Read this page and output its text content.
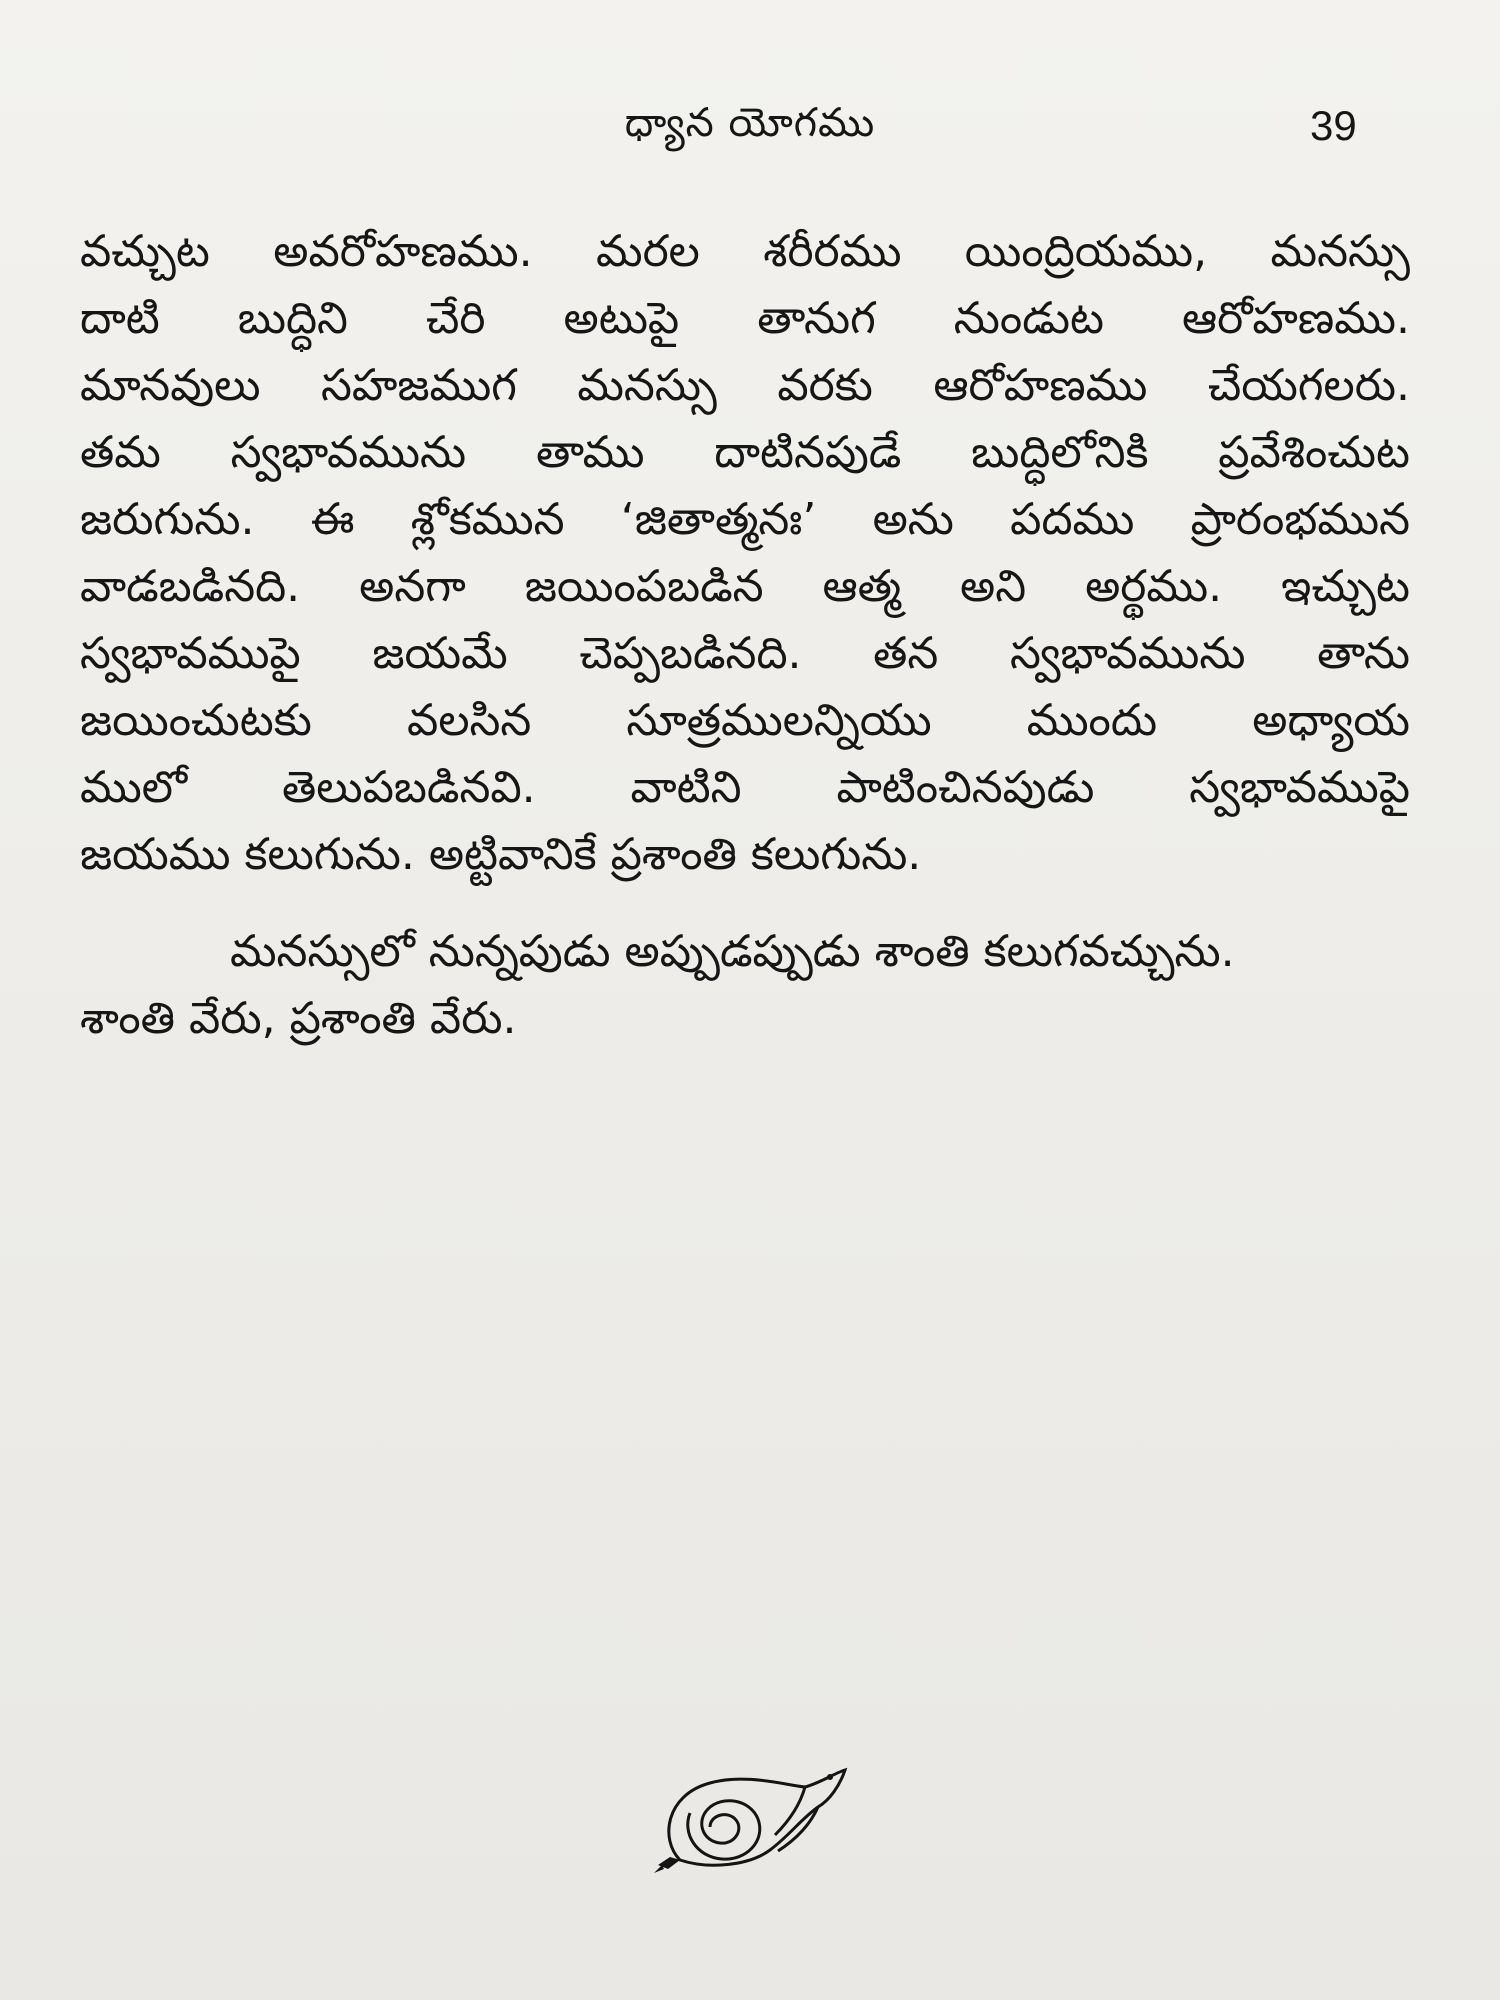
ధ్యాన యోగము	39
వచ్చుట అవరోహణము. మరల శరీరము యింద్రియము, మనస్సు
దాటి బుద్ధిని చేరి అటుపై తానుగ నుండుట ఆరోహణము.
మానవులు సహజముగ మనస్సు వరకు ఆరోహణము చేయగలరు.
తమ స్వభావమును తాము దాటినపుడే బుద్ధిలోనికి ప్రవేశించుట
జరుగును. ఈ శ్లోకమున ‘జితాత్మనః’ అను పదము ప్రారంభమున
వాడబడినది. అనగా జయింపబడిన ఆత్మ అని అర్థము. ఇచ్చుట
స్వభావముపై జయమే చెప్పబడినది. తన స్వభావమును తాను
జయించుటకు వలసిన సూత్రములన్నియు ముందు అధ్యాయ
ములో తెలుపబడినవి. వాటిని పాటించినపుడు స్వభావముపై
జయము కలుగును. అట్టివానికే ప్రశాంతి కలుగును.
మనస్సులో నున్నపుడు అప్పుడప్పుడు శాంతి కలుగవచ్చును.
శాంతి వేరు, ప్రశాంతి వేరు.
